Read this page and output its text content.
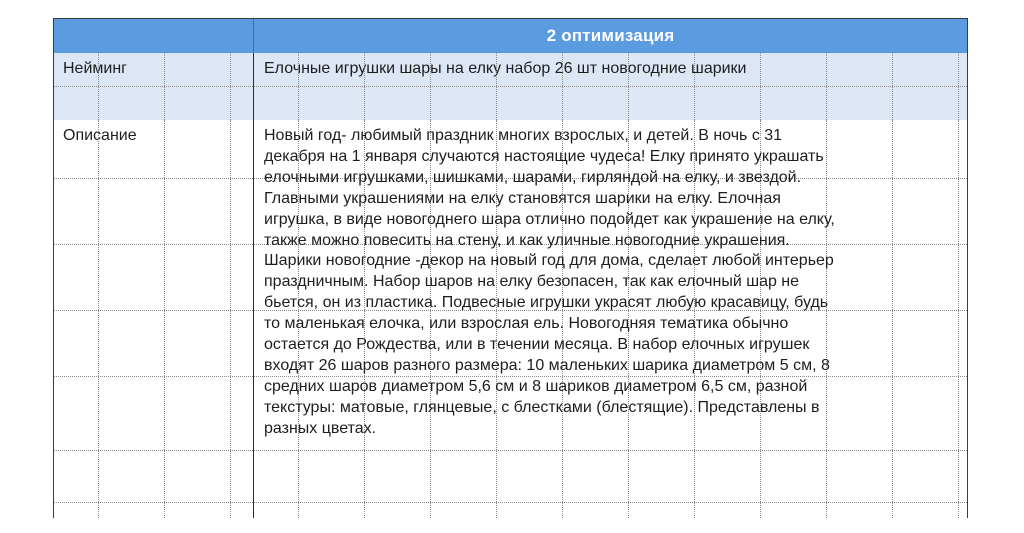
2 оптимизация
Нейминг	Елочные игрушки шары на елку набор 26 шт новогодние шарики
Описание	Новый год- любимый праздник многих взрослых, и детей. В ночь с 31
декабря на 1 января случаются настоящие чудеса! Елку принято украшать
елочными игрушками, шишками, шарами, гирляндой на елку, и звездой.
Главными украшениями на елку становятся шарики на елку. Елочная
игрушка, в виде новогоднего шара отлично подойдет как украшение на елку,
также можно повесить на стену, и как уличные новогодние украшения.
Шарики новогодние -декор на новый год для дома, сделает любой интерьер
праздничным. Набор шаров на елку безопасен, так как елочный шар не
бьется, он из пластика. Подвесные игрушки украсят любую красавицу, будь
то маленькая елочка, или взрослая ель. Новогодняя тематика обычно
остается до Рождества, или в течении месяца. В набор елочных игрушек
входят 26 шаров разного размера: 10 маленьких шарика диаметром 5 см, 8
средних шаров диаметром 5,6 см и 8 шариков диаметром 6,5 см, разной
текстуры: матовые, глянцевые, с блестками (блестящие). Представлены в
разных цветах.
